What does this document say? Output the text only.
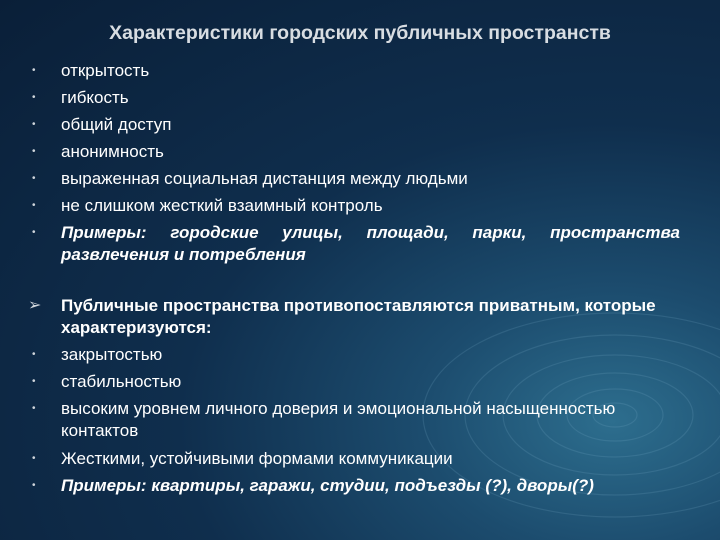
Характеристики городских публичных пространств
• открытость
• гибкость
• общий доступ
• анонимность
• выраженная социальная дистанция между людьми
• не слишком жесткий взаимный контроль
• Примеры: городские улицы, площади, парки, пространства развлечения и потребления
➢ Публичные пространства противопоставляются приватным, которые характеризуются:
• закрытостью
• стабильностью
• высоким уровнем личного доверия и эмоциональной насыщенностью контактов
• Жесткими, устойчивыми формами коммуникации
• Примеры: квартиры, гаражи, студии, подъезды (?), дворы(?)
